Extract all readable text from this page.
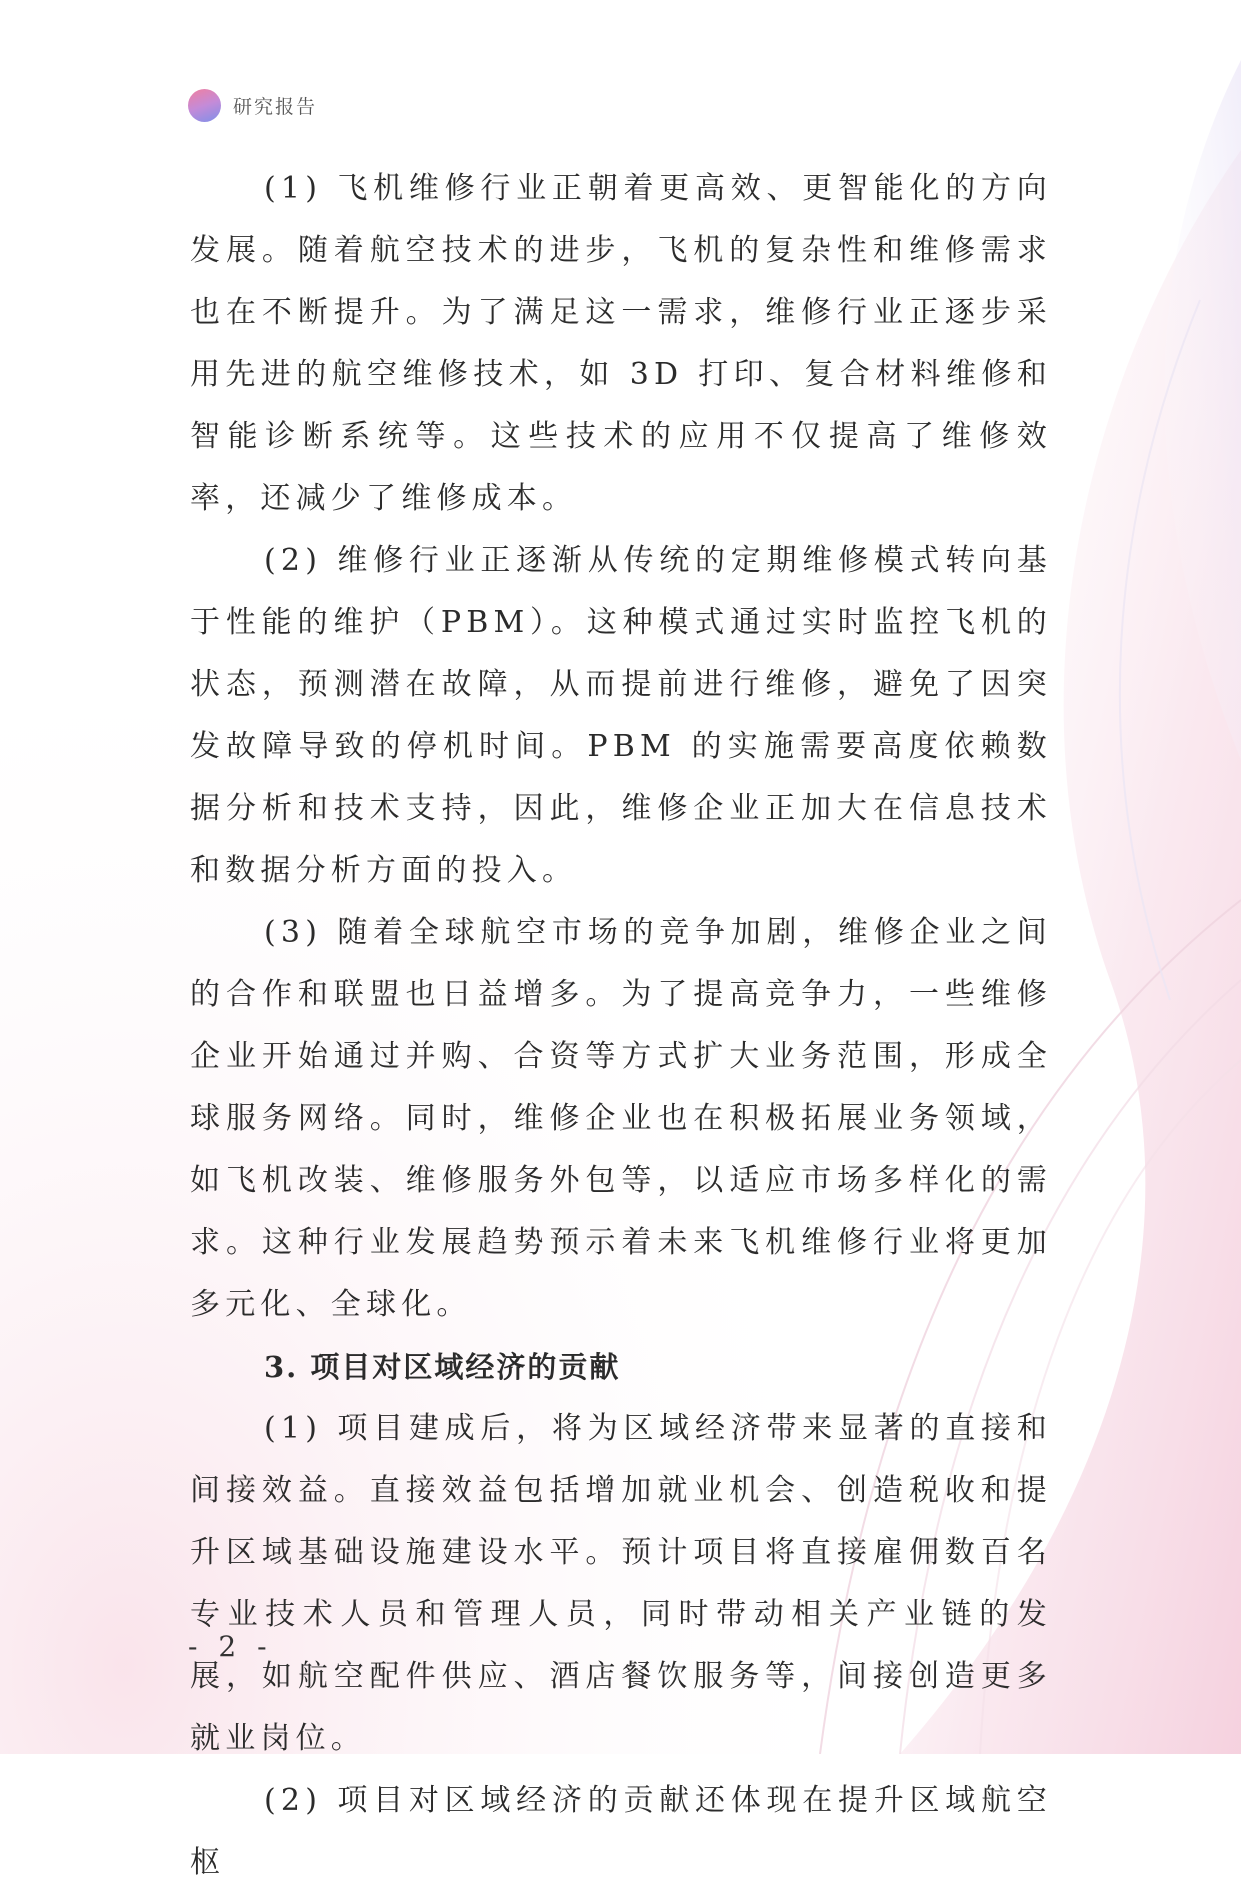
研究报告

(1) 飞机维修行业正朝着更高效、更智能化的方向发展。随着航空技术的进步，飞机的复杂性和维修需求也在不断提升。为了满足这一需求，维修行业正逐步采用先进的航空维修技术，如 3D 打印、复合材料维修和智能诊断系统等。这些技术的应用不仅提高了维修效率，还减少了维修成本。

(2) 维修行业正逐渐从传统的定期维修模式转向基于性能的维护（PBM）。这种模式通过实时监控飞机的状态，预测潜在故障，从而提前进行维修，避免了因突发故障导致的停机时间。PBM 的实施需要高度依赖数据分析和技术支持，因此，维修企业正加大在信息技术和数据分析方面的投入。

(3) 随着全球航空市场的竞争加剧，维修企业之间的合作和联盟也日益增多。为了提高竞争力，一些维修企业开始通过并购、合资等方式扩大业务范围，形成全球服务网络。同时，维修企业也在积极拓展业务领域，如飞机改装、维修服务外包等，以适应市场多样化的需求。这种行业发展趋势预示着未来飞机维修行业将更加多元化、全球化。

3. 项目对区域经济的贡献

(1) 项目建成后，将为区域经济带来显著的直接和间接效益。直接效益包括增加就业机会、创造税收和提升区域基础设施建设水平。预计项目将直接雇佣数百名专业技术人员和管理人员，同时带动相关产业链的发展，如航空配件供应、酒店餐饮服务等，间接创造更多就业岗位。

(2) 项目对区域经济的贡献还体现在提升区域航空枢

- 2 -
